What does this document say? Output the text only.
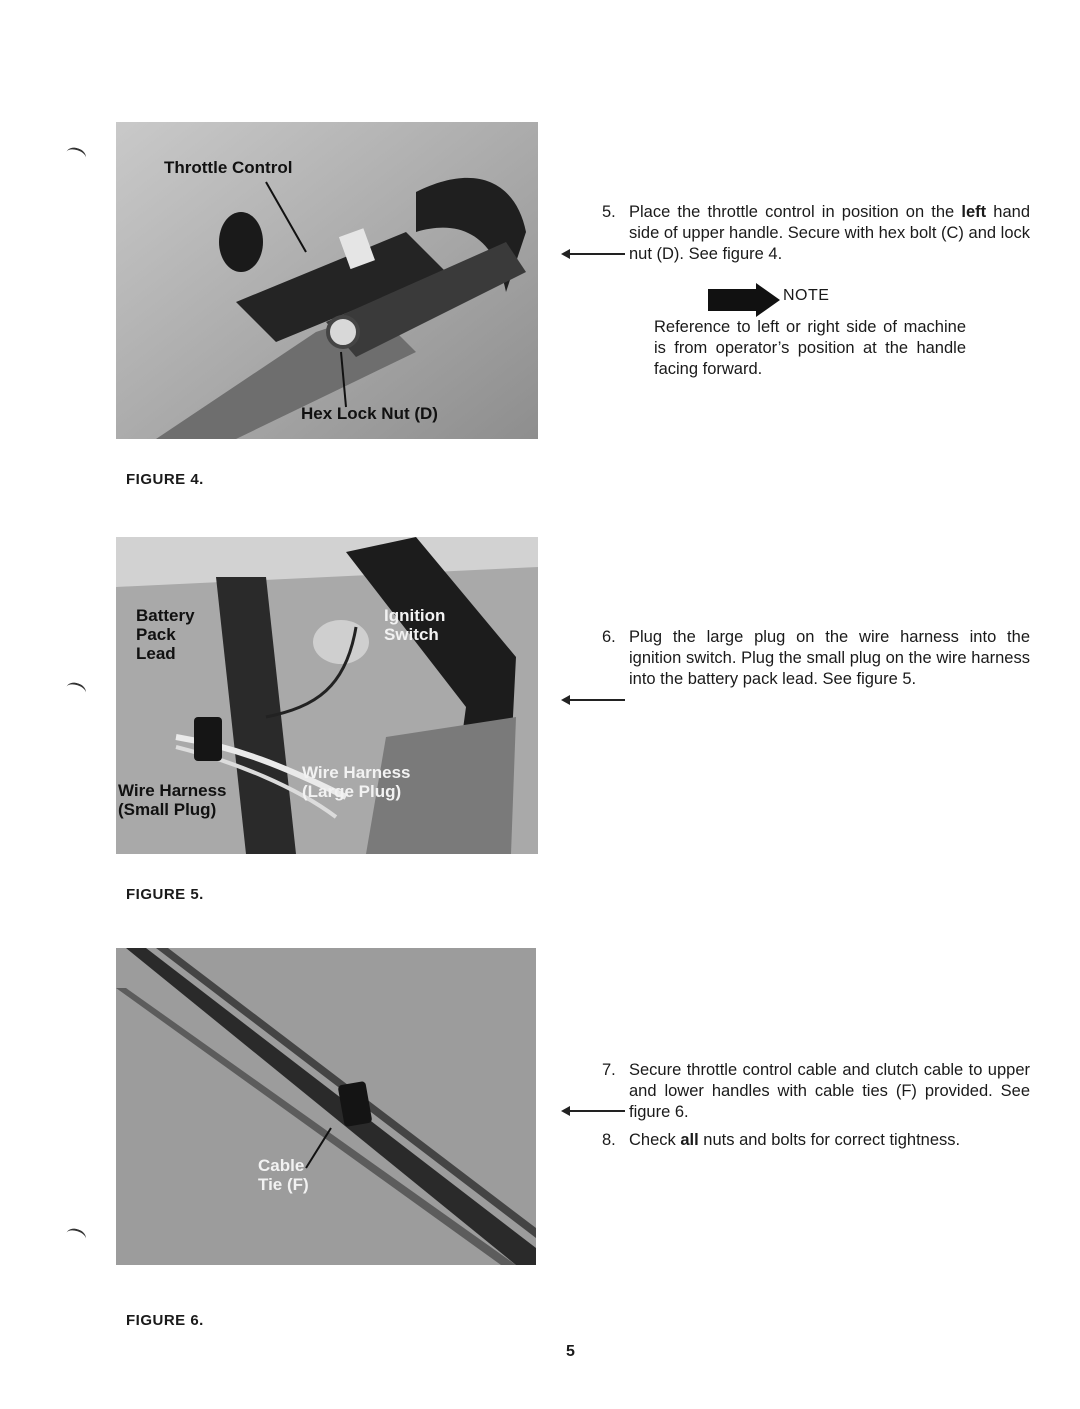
Throttle Control
Hex Lock Nut (D)
FIGURE 4.
Battery
Pack
Lead
Ignition
Switch
Wire Harness
(Small Plug)
Wire Harness
(Large Plug)
FIGURE 5.
Cable
Tie (F)
FIGURE 6.
5. Place the throttle control in position on the left hand side of upper handle. Secure with hex bolt (C) and lock nut (D). See figure 4.
NOTE
Reference to left or right side of machine is from operator’s position at the handle facing forward.
6. Plug the large plug on the wire harness into the ignition switch. Plug the small plug on the wire harness into the battery pack lead. See figure 5.
7. Secure throttle control cable and clutch cable to upper and lower handles with cable ties (F) provided. See figure 6.
8. Check all nuts and bolts for correct tightness.
5
